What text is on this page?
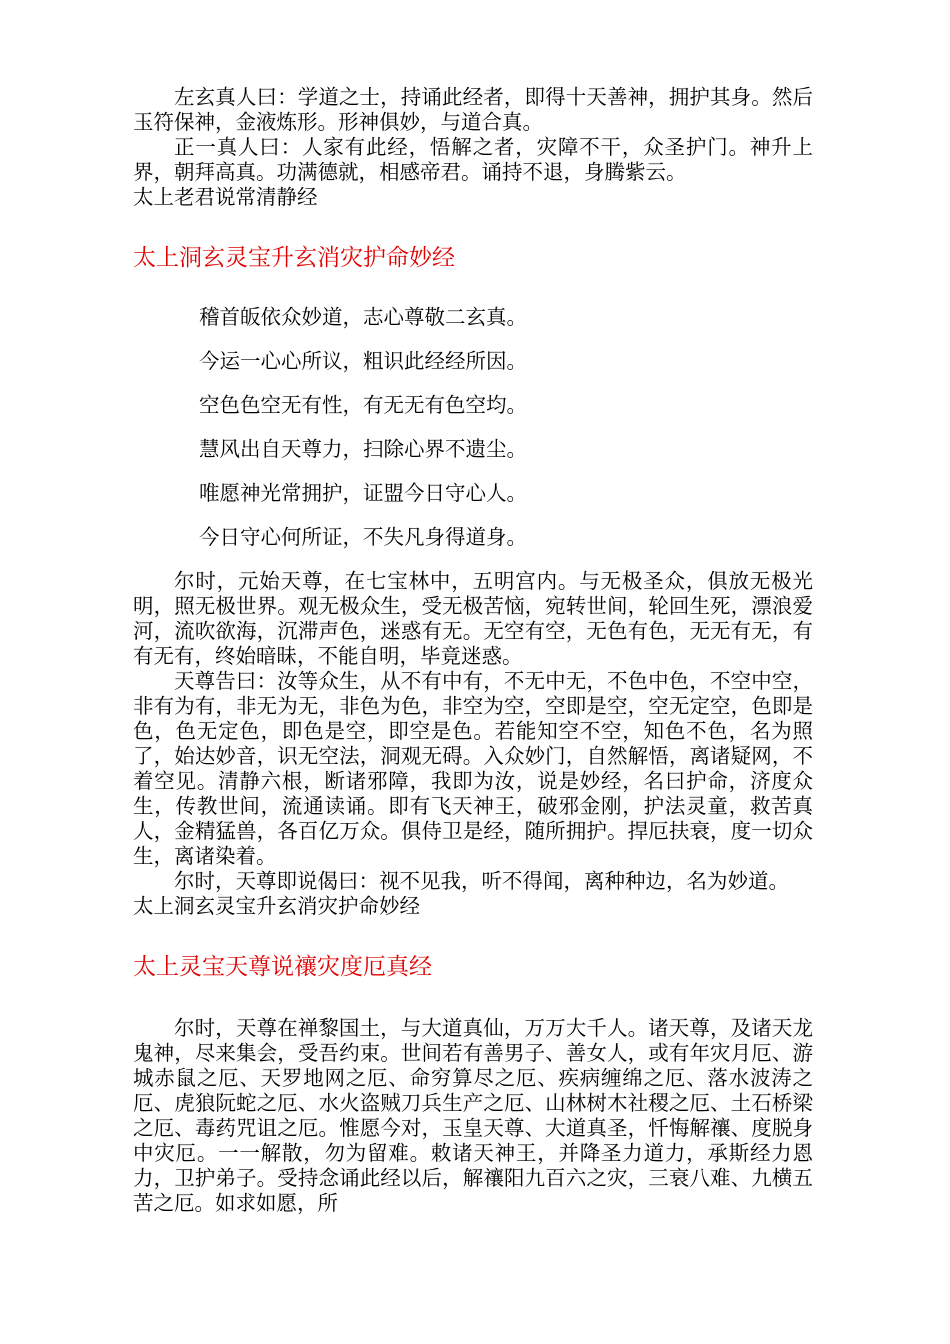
左玄真人曰：学道之士，持诵此经者，即得十天善神，拥护其身。然后玉符保神，金液炼形。形神俱妙，与道合真。

正一真人曰：人家有此经，悟解之者，灾障不干，众圣护门。神升上界，朝拜高真。功满德就，相感帝君。诵持不退，身腾紫云。

太上老君说常清静经

太上洞玄灵宝升玄消灾护命妙经

稽首皈依众妙道，志心尊敬二玄真。

今运一心心所议，粗识此经经所因。

空色色空无有性，有无无有色空均。

慧风出自天尊力，扫除心界不遗尘。

唯愿神光常拥护，证盟今日守心人。

今日守心何所证，不失凡身得道身。

尔时，元始天尊，在七宝林中，五明宫内。与无极圣众，俱放无极光明，照无极世界。观无极众生，受无极苦恼，宛转世间，轮回生死，漂浪爱河，流吹欲海，沉滞声色，迷惑有无。无空有空，无色有色，无无有无，有有无有，终始暗昧，不能自明，毕竟迷惑。

天尊告曰：汝等众生，从不有中有，不无中无，不色中色，不空中空，非有为有，非无为无，非色为色，非空为空，空即是空，空无定空，色即是色，色无定色，即色是空，即空是色。若能知空不空，知色不色，名为照了，始达妙音，识无空法，洞观无碍。入众妙门，自然解悟，离诸疑网，不着空见。清静六根，断诸邪障，我即为汝，说是妙经，名曰护命，济度众生，传教世间，流通读诵。即有飞天神王，破邪金刚，护法灵童，救苦真人，金精猛兽，各百亿万众。俱侍卫是经，随所拥护。捍厄扶衰，度一切众生，离诸染着。

尔时，天尊即说偈曰：视不见我，听不得闻，离种种边，名为妙道。

太上洞玄灵宝升玄消灾护命妙经

太上灵宝天尊说禳灾度厄真经

尔时，天尊在禅黎国土，与大道真仙，万万大千人。诸天尊，及诸天龙鬼神，尽来集会，受吾约束。世间若有善男子、善女人，或有年灾月厄、游城赤鼠之厄、天罗地网之厄、命穷算尽之厄、疾病缠绵之厄、落水波涛之厄、虎狼阮蛇之厄、水火盗贼刀兵生产之厄、山林树木社稷之厄、土石桥梁之厄、毒药咒诅之厄。惟愿今对，玉皇天尊、大道真圣，忏悔解禳、度脱身中灾厄。一一解散，勿为留难。敕诸天神王，并降圣力道力，承斯经力恩力，卫护弟子。受持念诵此经以后，解禳阳九百六之灾，三衰八难、九横五苦之厄。如求如愿，所
